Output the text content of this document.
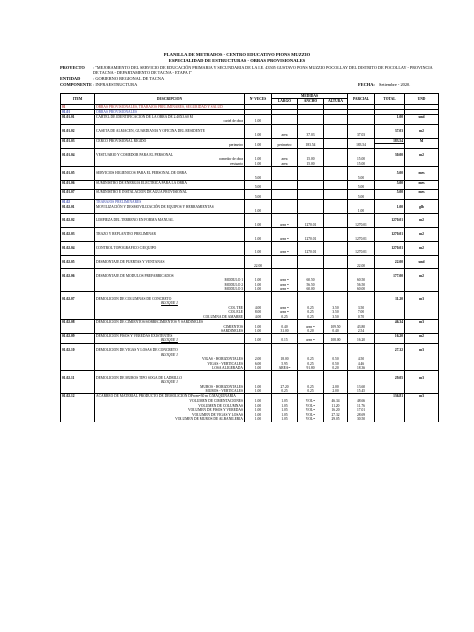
PLANILLA DE METRADOS - CENTRO EDUCATIVO PIONS MUZZIO
ESPECIALIDAD DE ESTRUCTURAS - OBRAS PROVISIONALES
PROYECTO : "MEJORAMIENTO DEL SERVICIO DE EDUCACIÓN PRIMARIA Y SECUNDARIA DE LA I.E. 43505 GUSTAVO PONS MUZZIO POCOLLAY DEL DISTRITO DE POCOLLAY - PROVINCIA DE TACNA - DEPARTAMENTO DE TACNA - ETAPA I"
ENTIDAD	: GOBIERNO REGIONAL DE TACNA
COMPONENTE : INFRAESTRUCTURA	FECHA: Setiembre - 2020.
ITEM	DESCRIPCION	Nº VECES	MEDIDAS			PARCIAL	TOTAL	UND
			LARGO	ANCHO	ALTURA			
01	OBRAS PROVISIONALES, TRABAJOS PRELIMINARES, SEGURIDAD Y SALUD							
01.01	OBRAS PROVISIONALES							
01.01.01	CARTEL DE IDENTIFICACION DE LA OBRA DE 2.40X3.60 M						1.00	und
	cartel de obra	1.00						
01.01.02	CASETA DE ALMACEN, GUARDIANIA Y OFICINA DEL RESIDENTE						37.03	m2
		1.00	area	37.03		37.03		
01.01.03	CERCO PROVISIONAL RIGIDO						183.54	M
	perimetro	1.00	perimetro	183.54		183.54		
01.01.04	VESTUARIO Y COMEDOR PARA EL PERSONAL						30.00	m2
	comedor de obra	1.00	area	15.00		15.00		
	vestuario	1.00	area	15.00		15.00		
01.01.05	SERVICIOS HIGIENICOS PARA EL PERSONAL DE OBRA						5.00	mes
		5.00				5.00		
01.01.06	SUMINISTRO DE ENERGIA ELECTRICA PARA LA OBRA						5.00	mes
		5.00				5.00		
01.01.07	SUMINISTRO E INSTALACIÓN DE AGUA PROVISIONAL						5.00	mes
		5.00				5.00		
01.02	TRABAJOS PRELIMINARES							
01.02.01	MOVILIZACIÓN Y DESMOVILIZACIÓN DE EQUIPOS Y HERRAMIENTAS						1.00	glb
		1.00				1.00		
01.02.02	LIMPIEZA DEL TERRENO EN FORMA MANUAL						1270.01	m2
		1.00	area =	1270.01		1270.01		
01.02.03	TRAZO Y REPLANTEO PRELIMINAR						1270.01	m2
		1.00	area =	1270.01		1270.01		
01.02.04	CONTROL TOPOGRAFICO C/EQUIPO						1270.01	m2
		1.00	area =	1270.01		1270.01		
01.02.05	DESMONTAJE DE PUERTAS Y VENTANAS						22.00	und
		22.00				22.00		
01.02.06	DESMONTAJE DE MODULOS PREFABRICADOS						177.00	m2
	MODULO 1	1.00	area =	60.50		60.50		
	MODULO 2	1.00	area =	56.50		56.50		
	MODULO 3	1.00	area =	60.00		60.00		
01.02.07	DEMOLICION DE COLUMNAS DE CONCRETO						11.20	m3
	BLOQUE 1							
	COL TEE	4.00	area =	0.25	3.50	3.50		
	COL ELE	8.00	area =	0.25	3.50	7.00		
	COLUMNA DE AMARRE	4.00	0.25	0.25	3.50	0.70		
01.02.08	DEMOLICION DE CIMIENTOS/SOBRECIMIENTOS Y SARDINELES						46.34	m3
	CIMIENTOS	1.00	0.40	area =	109.50	43.80		
	SARDINELES	1.00	31.00	0.20	0.40	2.54		
01.02.09	DEMOLICION PISOS Y VEREDAS EXISTENTES						16.20	m2
	BLOQUE 1	1.00	0.15	area =	108.00	16.20		
01.02.10	DEMOLICION DE VIGAS Y LOSAS DE CONCRETO						27.32	m3
	BLOQUE 1							
	VIGAS - HORIZONTALES	2.00	18.00	0.25	0.50	4.50		
	VIGAS - VERTICALES	6.00	5.95	0.25	0.50	4.46		
	LOSA ALIGERADA	1.00	ÁREA=	91.80	0.20	18.36		
01.02.11	DEMOLICION DE MUROS TIPO SOGA DE LADRILLO						29.05	m3
	BLOQUE 1							
	MUROS - HORIZONTALES	1.00	27.20	0.25	2.00	13.60		
	MUROS - VERTICALES	1.00	0.25	0.25	2.00	15.45		
01.02.12	ACARREO DE MATERIAL PRODUCTO DE DEMOLICION DProm=30 m C/MAQUINARIA						136.81	m3
	VOLUMEN DE CIMENTACIONES	1.00	1.05	VOL=	46.34	48.66		
	VOLUMEN DE COLUMNAS	1.00	1.05	VOL=	11.20	11.76		
	VOLUMEN DE PISOS Y VEREDAS	1.00	1.05	VOL=	16.20	17.01		
	VOLUMEN DE VIGAS Y LOSAS	1.00	1.05	VOL=	27.32	28.69		
	VOLUMEN DE MUROS DE ALBAÑILERIA	1.00	1.05	VOL=	29.05	30.50		
